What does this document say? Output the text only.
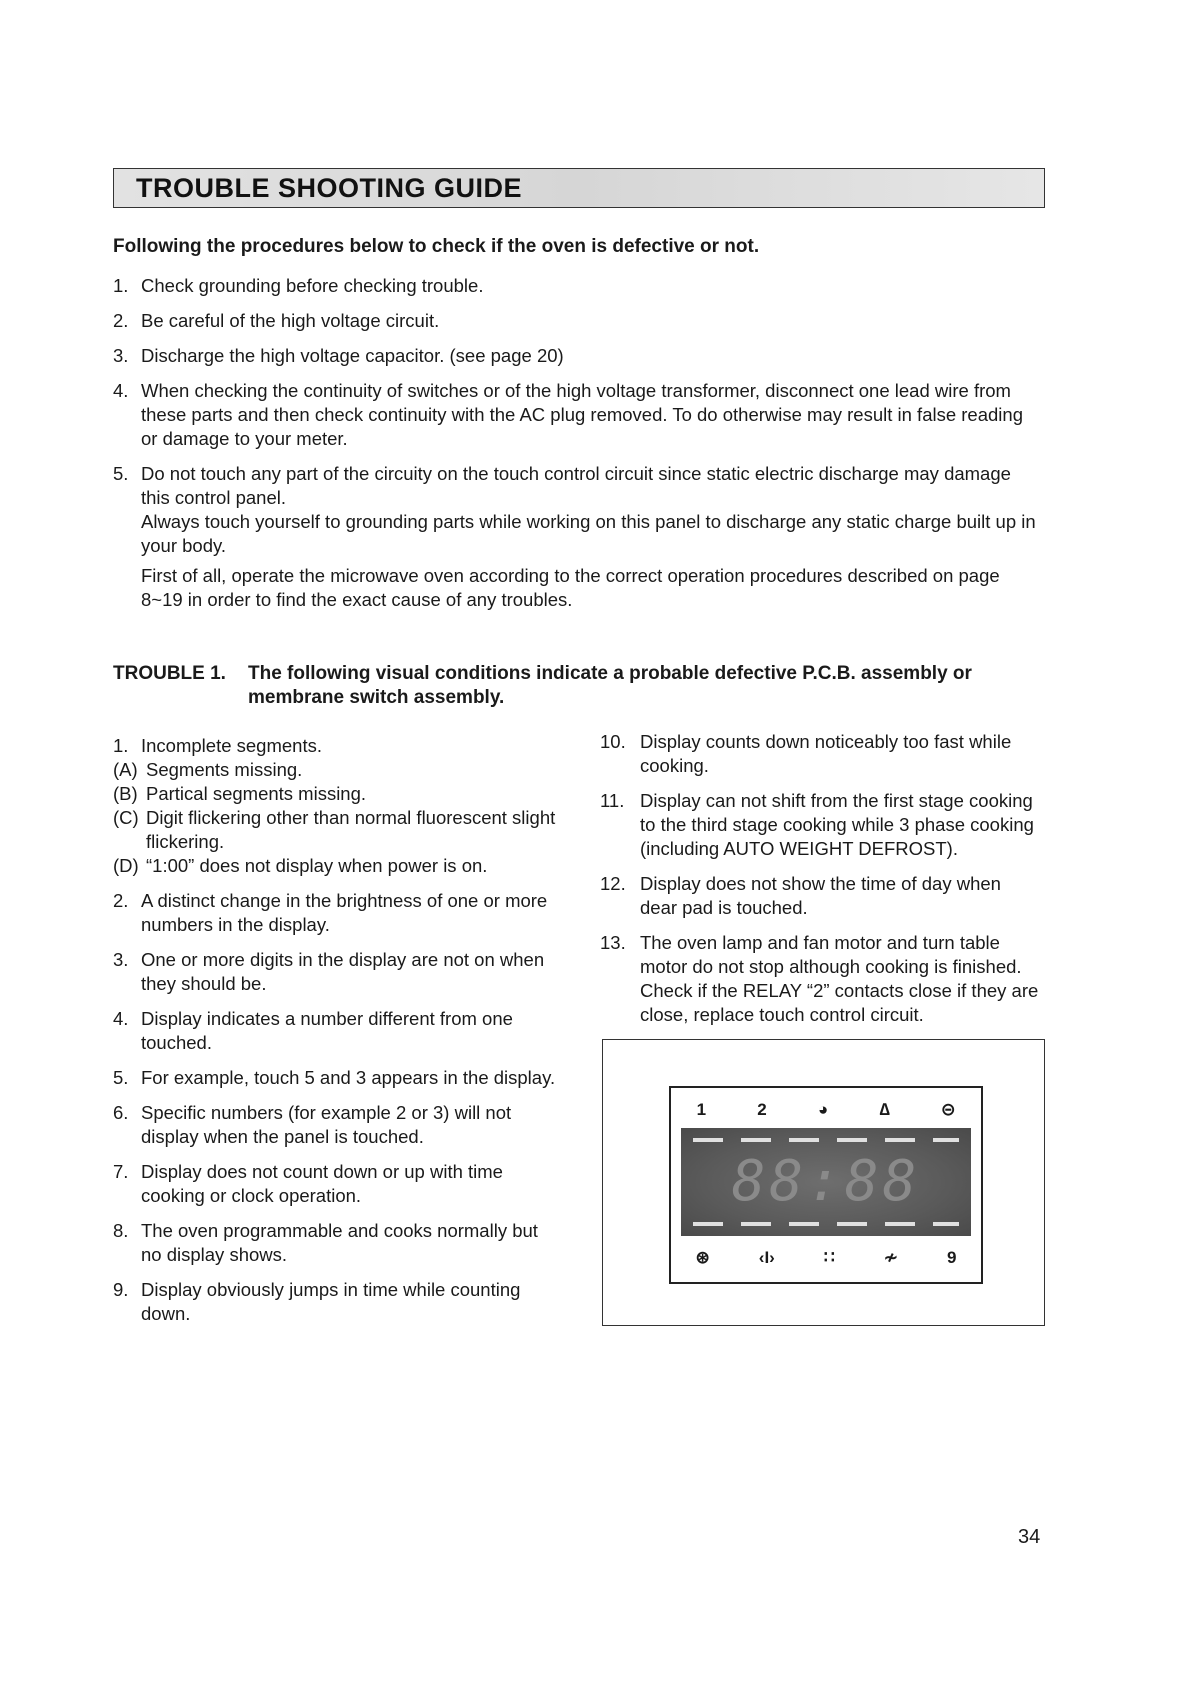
TROUBLE SHOOTING GUIDE
Following the procedures below to check if the oven is defective or not.
1. Check grounding before checking trouble.
2. Be careful of the high voltage circuit.
3. Discharge the high voltage capacitor. (see page 20)
4. When checking the continuity of switches or of the high voltage transformer, disconnect one lead wire from these parts and then check continuity with the AC plug removed. To do otherwise may result in false reading or damage to your meter.
5. Do not touch any part of the circuity on the touch control circuit since static electric discharge may damage this control panel.
Always touch yourself to grounding parts while working on this panel to discharge any static charge built up in your body.
First of all, operate the microwave oven according to the correct operation procedures described on page 8~19 in order to find the exact cause of any troubles.
TROUBLE 1. The following visual conditions indicate a probable defective P.C.B. assembly or membrane switch assembly.
1. Incomplete segments.
(A) Segments missing.
(B) Partical segments missing.
(C) Digit flickering other than normal fluorescent slight flickering.
(D) “1:00” does not display when power is on.
2. A distinct change in the brightness of one or more numbers in the display.
3. One or more digits in the display are not on when they should be.
4. Display indicates a number different from one touched.
5. For example, touch 5 and 3 appears in the display.
6. Specific numbers (for example 2 or 3) will not display when the panel is touched.
7. Display does not count down or up with time cooking or clock operation.
8. The oven programmable and cooks normally but no display shows.
9. Display obviously jumps in time while counting down.
10. Display counts down noticeably too fast while cooking.
11. Display can not shift from the first stage cooking to the third stage cooking while 3 phase cooking (including AUTO WEIGHT DEFROST).
12. Display does not show the time of day when dear pad is touched.
13. The oven lamp and fan motor and turn table motor do not stop although cooking is finished. Check if the RELAY “2” contacts close if they are close, replace touch control circuit.
1	2	◕	∆	⊝
88:88
⊛	‹I›	∷	≁	9
34
